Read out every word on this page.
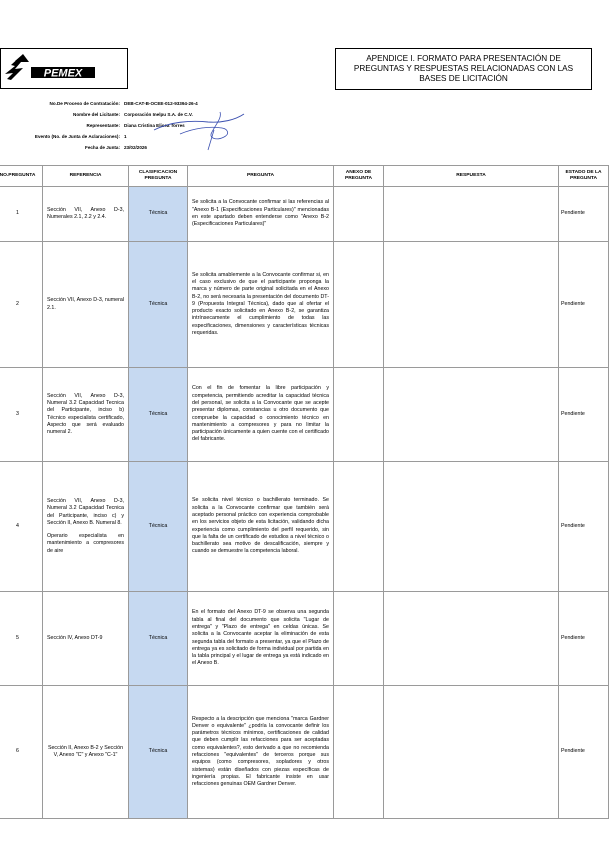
PEMEX
APENDICE I. FORMATO PARA PRESENTACIÓN DE PREGUNTAS Y RESPUESTAS RELACIONADAS CON LAS BASES DE LICITACIÓN
No.De Proceso de Contratación: DEB-CAT-B-OCEE-012-93394-26-4
Nombre del Licitante: Corporación Inelpu S.A. de C.V.
Representante: Diana Cristina Elisea Torres
Evento (No. de Junta de Aclaraciones): 1
Fecha de Junta: 23/02/2026
NO.PREGUNTA	REFERENCIA	CLASIFICACION PREGUNTA	PREGUNTA	ANEXO DE PREGUNTA	RESPUESTA	ESTADO DE LA PREGUNTA
1	Sección VII, Anexo D-3, Numerales 2.1, 2.2 y 2.4.	Técnica	Se solicita a la Convocante confirmar si las referencias al "Anexo B-1 (Especificaciones Particulares)" mencionadas en este apartado deben entenderse como "Anexo B-2 (Especificaciones Particulares)"			Pendiente
2	Sección VII, Anexo D-3, numeral 2.1.	Técnica	Se solicita amablemente a la Convocante confirmar si, en el caso exclusivo de que el participante proponga la marca y número de parte original solicitada en el Anexo B-2, no será necesaria la presentación del documento DT-9 (Propuesta Integral Técnica), dado que al ofertar el producto exacto solicitado en Anexo B-2, se garantiza intrínsecamente el cumplimiento de todas las especificaciones, dimensiones y características técnicas requeridas.			Pendiente
3	Sección VII, Anexo D-3, Numeral 3.2 Capacidad Tecnica del Participante, inciso b) Técnico especialista certificado, Aspecto que será evaluado numeral 2.	Técnica	Con el fin de fomentar la libre participación y competencia, permitiendo acreditar la capacidad técnica del personal, se solicita a la Convocante que se acepte presentar diplomas, constancias u otro documento que compruebe la capacidad o conocimiento técnico en mantenimiento a compresores y para no limitar la participación únicamente a quien cuente con el certificado del fabricante.			Pendiente
4	Sección VII, Anexo D-3, Numeral 3.2 Capacidad Tecnica del Participante, inciso c) y Sección II, Anexo B. Numeral 8.
Operario especialista en mantenimiento a compresores de aire	Técnica	Se solicita nivel técnico o bachillerato terminado. Se solicita a la Convocante confirmar que también será aceptado personal práctico con experiencia comprobable en los servicios objeto de esta licitación, validando dicha experiencia como cumplimiento del perfil requerido, sin que la falta de un certificado de estudios a nivel técnico o bachillerato sea motivo de descalificación, siempre y cuando se demuestre la competencia laboral.			Pendiente
5	Sección IV, Anexo DT-9	Técnica	En el formato del Anexo DT-9 se observa una segunda tabla al final del documento que solicita "Lugar de entrega" y "Plazo de entrega" en celdas únicas. Se solicita a la Convocante aceptar la eliminación de esta segunda tabla del formato a presentar, ya que el Plazo de entrega ya es solicitado de forma individual por partida en la tabla principal y el lugar de entrega ya está indicado en el Anexo B.			Pendiente
6	Sección II, Anexo B-2 y Sección V, Anexo "C" y Anexo "C-1"	Técnica	Respecto a la descripción que menciona "marca Gardner Denver o equivalente" ¿podría la convocante definir los parámetros técnicos mínimos, certificaciones de calidad que deben cumplir las refacciones para ser aceptadas como equivalentes?, esto derivado a que no recomienda refacciones "equivalentes" de terceros porque sus equipos (como compresores, sopladores y otros sistemas) están diseñados con piezas específicas de ingeniería propias. El fabricante insiste en usar refacciones genuinas OEM Gardner Denver.			Pendiente
